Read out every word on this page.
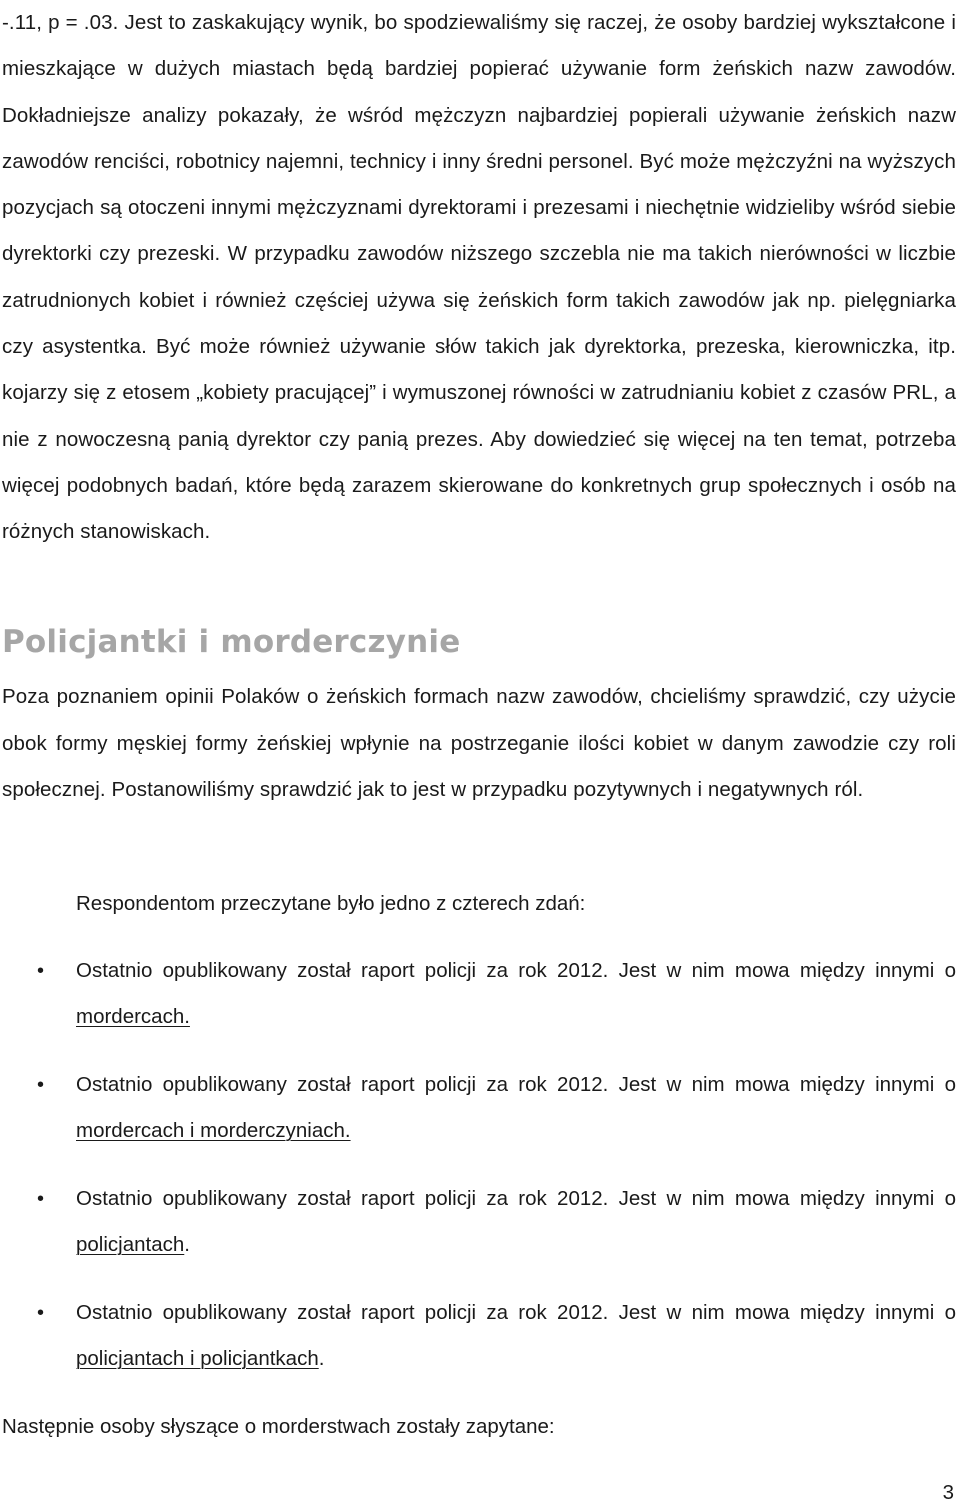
-.11, p = .03. Jest to zaskakujący wynik, bo spodziewaliśmy się raczej, że osoby bardziej wykształcone i mieszkające w dużych miastach będą bardziej popierać używanie form żeńskich nazw zawodów. Dokładniejsze analizy pokazały, że wśród mężczyzn najbardziej popierali używanie żeńskich nazw zawodów renciści, robotnicy najemni, technicy i inny średni personel. Być może mężczyźni na wyższych pozycjach są otoczeni innymi mężczyznami dyrektorami i prezesami i niechętnie widzieliby wśród siebie dyrektorki czy prezeski. W przypadku zawodów niższego szczebla nie ma takich nierówności w liczbie zatrudnionych kobiet i również częściej używa się żeńskich form takich zawodów jak np. pielęgniarka czy asystentka. Być może również używanie słów takich jak dyrektorka, prezeska, kierowniczka, itp. kojarzy się z etosem „kobiety pracującej” i wymuszonej równości w zatrudnianiu kobiet z czasów PRL, a nie z nowoczesną panią dyrektor czy panią prezes. Aby dowiedzieć się więcej na ten temat, potrzeba więcej podobnych badań, które będą zarazem skierowane do konkretnych grup społecznych i osób na różnych stanowiskach.

Policjantki i morderczynie

Poza poznaniem opinii Polaków o żeńskich formach nazw zawodów, chcieliśmy sprawdzić, czy użycie obok formy męskiej formy żeńskiej wpłynie na postrzeganie ilości kobiet w danym zawodzie czy roli społecznej. Postanowiliśmy sprawdzić jak to jest w przypadku pozytywnych i negatywnych ról.

Respondentom przeczytane było jedno z czterech zdań:

• Ostatnio opublikowany został raport policji za rok 2012. Jest w nim mowa między innymi o mordercach.

• Ostatnio opublikowany został raport policji za rok 2012. Jest w nim mowa między innymi o mordercach i morderczyniach.

• Ostatnio opublikowany został raport policji za rok 2012. Jest w nim mowa między innymi o policjantach.

• Ostatnio opublikowany został raport policji za rok 2012. Jest w nim mowa między innymi o policjantach i policjantkach.

Następnie osoby słyszące o morderstwach zostały zapytane:

3
